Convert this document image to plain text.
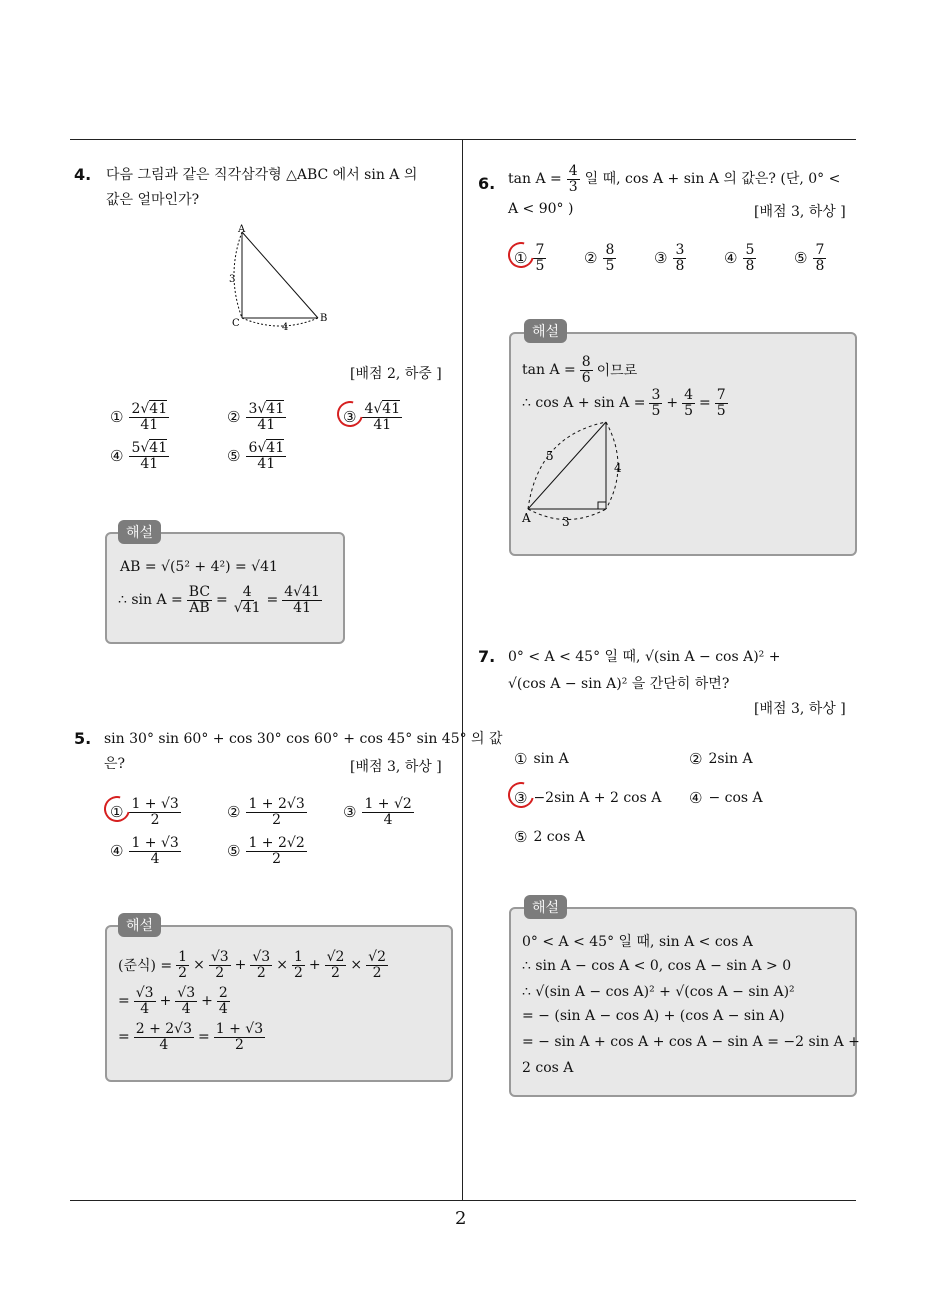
2
4. 다음 그림과 같은 직각삼각형 △ABC 에서 sin A 의
값은 얼마인가?
A
B
C
3
4
[배점 2, 하중 ]
① $\frac{2√41}{41}$	② $\frac{3√41}{41}$	③ $\frac{4√41}{41}$
④ $\frac{5√41}{41}$	⑤ $\frac{6√41}{41}$
해설
AB = √(5² + 4²) = √41
∴ $\sin A = \frac{BC}{AB} = \frac{4}{√41} = \frac{4√41}{41}$
5. sin 30° sin 60° + cos 30° cos 60° + cos 45° sin 45° 의 값
은?	[배점 3, 하상 ]
① $\frac{1 + √3}{2}$	② $\frac{1 + 2√3}{2}$ ③ $\frac{1 + √2}{4}$
④ $\frac{1 + √3}{4}$	⑤ $\frac{1 + 2√2}{2}$
해설
(준식) = $\frac{1}{2} \times \frac{√3}{2} + \frac{√3}{2} \times \frac{1}{2} + \frac{√2}{2} \times \frac{√2}{2}$
= $\frac{√3}{4} + \frac{√3}{4} + \frac{2}{4}$
= $\frac{2 + 2√3}{4} = \frac{1 + √3}{2}$
6. $\tan A = \frac{4}{3}$ 일 때, cos A + sin A 의 값은? (단, 0° <
A < 90° )	[배점 3, 하상 ]
① $\frac{7}{5}$	② $\frac{8}{5}$	③ $\frac{3}{8}$	④ $\frac{5}{8}$	⑤ $\frac{7}{8}$
해설
$\tan A = \frac{8}{6}$ 이므로
∴ $\cos A + \sin A = \frac{3}{5} + \frac{4}{5} = \frac{7}{5}$
A
5
4
3
7. 0° < A < 45° 일 때, √(sin A − cos A)² +
√(cos A − sin A)² 을 간단히 하면?
[배점 3, 하상 ]
① sin A	② 2sin A
③ −2sin A + 2 cos A ④ − cos A
⑤ 2 cos A
해설
0° < A < 45° 일 때, sin A < cos A
∴ sin A − cos A < 0, cos A − sin A > 0
∴ √(sin A − cos A)² + √(cos A − sin A)²
= − (sin A − cos A) + (cos A − sin A)
= − sin A + cos A + cos A − sin A = −2 sin A +
2 cos A
